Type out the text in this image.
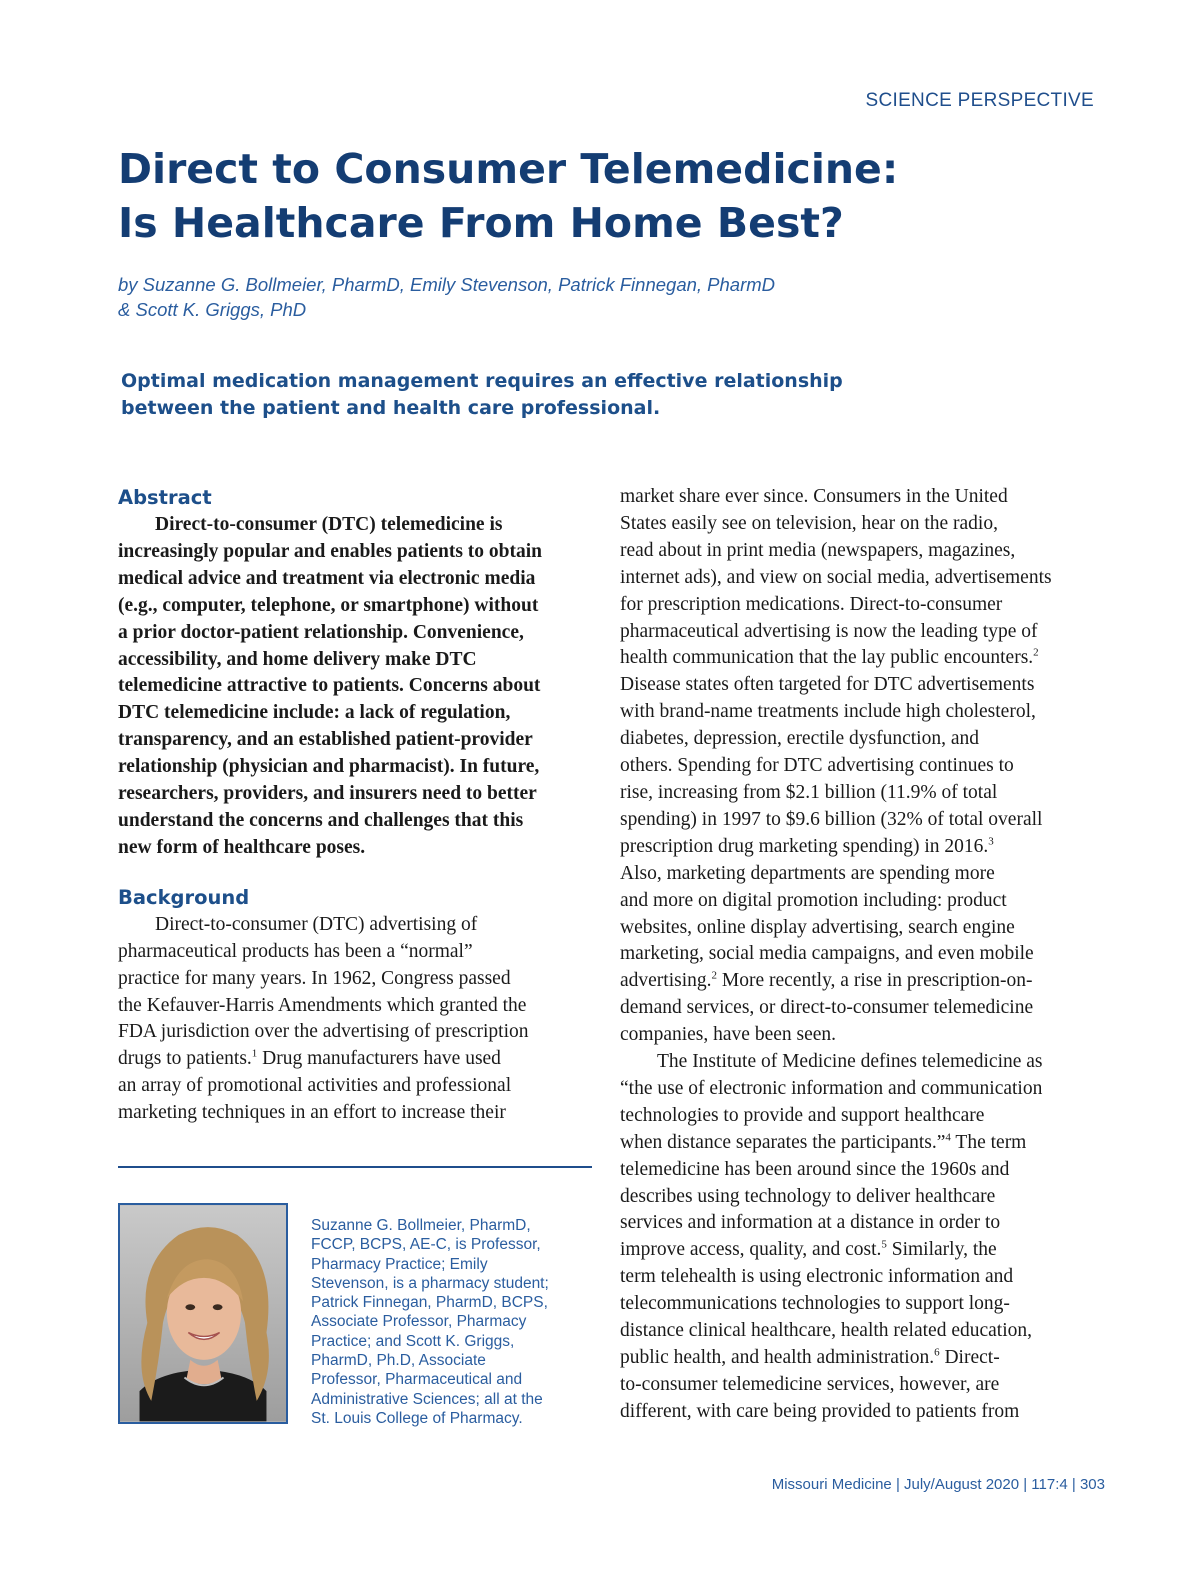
SCIENCE PERSPECTIVE
Direct to Consumer Telemedicine:
Is Healthcare From Home Best?
by Suzanne G. Bollmeier, PharmD, Emily Stevenson, Patrick Finnegan, PharmD
& Scott K. Griggs, PhD
Optimal medication management requires an effective relationship
between the patient and health care professional.
Abstract

Direct-to-consumer (DTC) telemedicine is
increasingly popular and enables patients to obtain
medical advice and treatment via electronic media
(e.g., computer, telephone, or smartphone) without
a prior doctor-patient relationship. Convenience,
accessibility, and home delivery make DTC
telemedicine attractive to patients. Concerns about
DTC telemedicine include: a lack of regulation,
transparency, and an established patient-provider
relationship (physician and pharmacist). In future,
researchers, providers, and insurers need to better
understand the concerns and challenges that this
new form of healthcare poses.

Background

Direct-to-consumer (DTC) advertising of
pharmaceutical products has been a “normal”
practice for many years. In 1962, Congress passed
the Kefauver-Harris Amendments which granted the
FDA jurisdiction over the advertising of prescription
drugs to patients.$^1$ Drug manufacturers have used
an array of promotional activities and professional
marketing techniques in an effort to increase their

Suzanne G. Bollmeier, PharmD,
FCCP, BCPS, AE-C, is Professor,
Pharmacy Practice; Emily
Stevenson, is a pharmacy student;
Patrick Finnegan, PharmD, BCPS,
Associate Professor, Pharmacy
Practice; and Scott K. Griggs,
PharmD, Ph.D, Associate
Professor, Pharmaceutical and
Administrative Sciences; all at the
St. Louis College of Pharmacy.

market share ever since. Consumers in the United
States easily see on television, hear on the radio,
read about in print media (newspapers, magazines,
internet ads), and view on social media, advertisements
for prescription medications. Direct-to-consumer
pharmaceutical advertising is now the leading type of
health communication that the lay public encounters.$^2$
Disease states often targeted for DTC advertisements
with brand-name treatments include high cholesterol,
diabetes, depression, erectile dysfunction, and
others. Spending for DTC advertising continues to
rise, increasing from $2.1 billion (11.9% of total
spending) in 1997 to $9.6 billion (32% of total overall
prescription drug marketing spending) in 2016.$^3$
Also, marketing departments are spending more
and more on digital promotion including: product
websites, online display advertising, search engine
marketing, social media campaigns, and even mobile
advertising.$^2$ More recently, a rise in prescription-on-
demand services, or direct-to-consumer telemedicine
companies, have been seen.
The Institute of Medicine defines telemedicine as
“the use of electronic information and communication
technologies to provide and support healthcare
when distance separates the participants.”$^4$ The term
telemedicine has been around since the 1960s and
describes using technology to deliver healthcare
services and information at a distance in order to
improve access, quality, and cost.$^5$ Similarly, the
term telehealth is using electronic information and
telecommunications technologies to support long-
distance clinical healthcare, health related education,
public health, and health administration.$^6$ Direct-
to-consumer telemedicine services, however, are
different, with care being provided to patients from

Missouri Medicine | July/August 2020 | 117:4 | 303
